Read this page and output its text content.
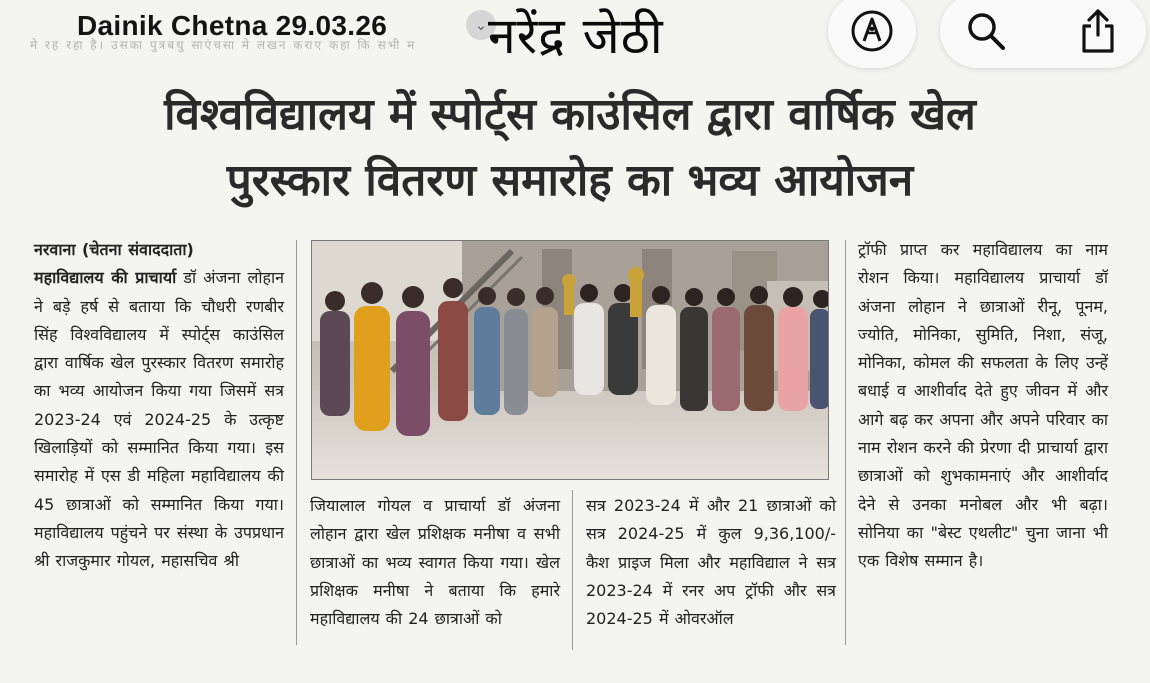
मे रह रहा है। उसका पुत्रबधु साएंचसा मे लखन कराए कहा कि सभी म
Dainik Chetna 29.03.26	⌄ नरेंद्र जेठी
विश्वविद्यालय में स्पोर्ट्स काउंसिल द्वारा वार्षिक खेल
पुरस्कार वितरण समारोह का भव्य आयोजन
नरवाना (चेतना संवाददाता)
महाविद्यालय की प्राचार्या डॉ अंजना लोहान ने बड़े हर्ष से बताया कि चौधरी रणबीर सिंह विश्वविद्यालय में स्पोर्ट्स काउंसिल द्वारा वार्षिक खेल पुरस्कार वितरण समारोह का भव्य आयोजन किया गया जिसमें सत्र 2023-24 एवं 2024-25 के उत्कृष्ट खिलाड़ियों को सम्मानित किया गया। इस समारोह में एस डी महिला महाविद्यालय की 45 छात्राओं को सम्मानित किया गया। महाविद्यालय पहुंचने पर संस्था के उपप्रधान श्री राजकुमार गोयल, महासचिव श्री
जियालाल गोयल व प्राचार्या डॉ अंजना लोहान द्वारा खेल प्रशिक्षक मनीषा व सभी छात्राओं का भव्य स्वागत किया गया। खेल प्रशिक्षक मनीषा ने बताया कि हमारे महाविद्यालय की 24 छात्राओं को
सत्र 2023-24 में और 21 छात्राओं को सत्र 2024-25 में कुल 9,36,100/- कैश प्राइज मिला और महाविद्याल ने सत्र 2023-24 में रनर अप ट्रॉफी और सत्र 2024-25 में ओवरऑल
ट्रॉफी प्राप्त कर महाविद्यालय का नाम रोशन किया। महाविद्यालय प्राचार्या डॉ अंजना लोहान ने छात्राओं रीनू, पूनम, ज्योति, मोनिका, सुमिति, निशा, संजू, मोनिका, कोमल की सफलता के लिए उन्हें बधाई व आशीर्वाद देते हुए जीवन में और आगे बढ़ कर अपना और अपने परिवार का नाम रोशन करने की प्रेरणा दी प्राचार्या द्वारा छात्राओं को शुभकामनाएं और आशीर्वाद देने से उनका मनोबल और भी बढ़ा। सोनिया का "बेस्ट एथलीट" चुना जाना भी एक विशेष सम्मान है।
